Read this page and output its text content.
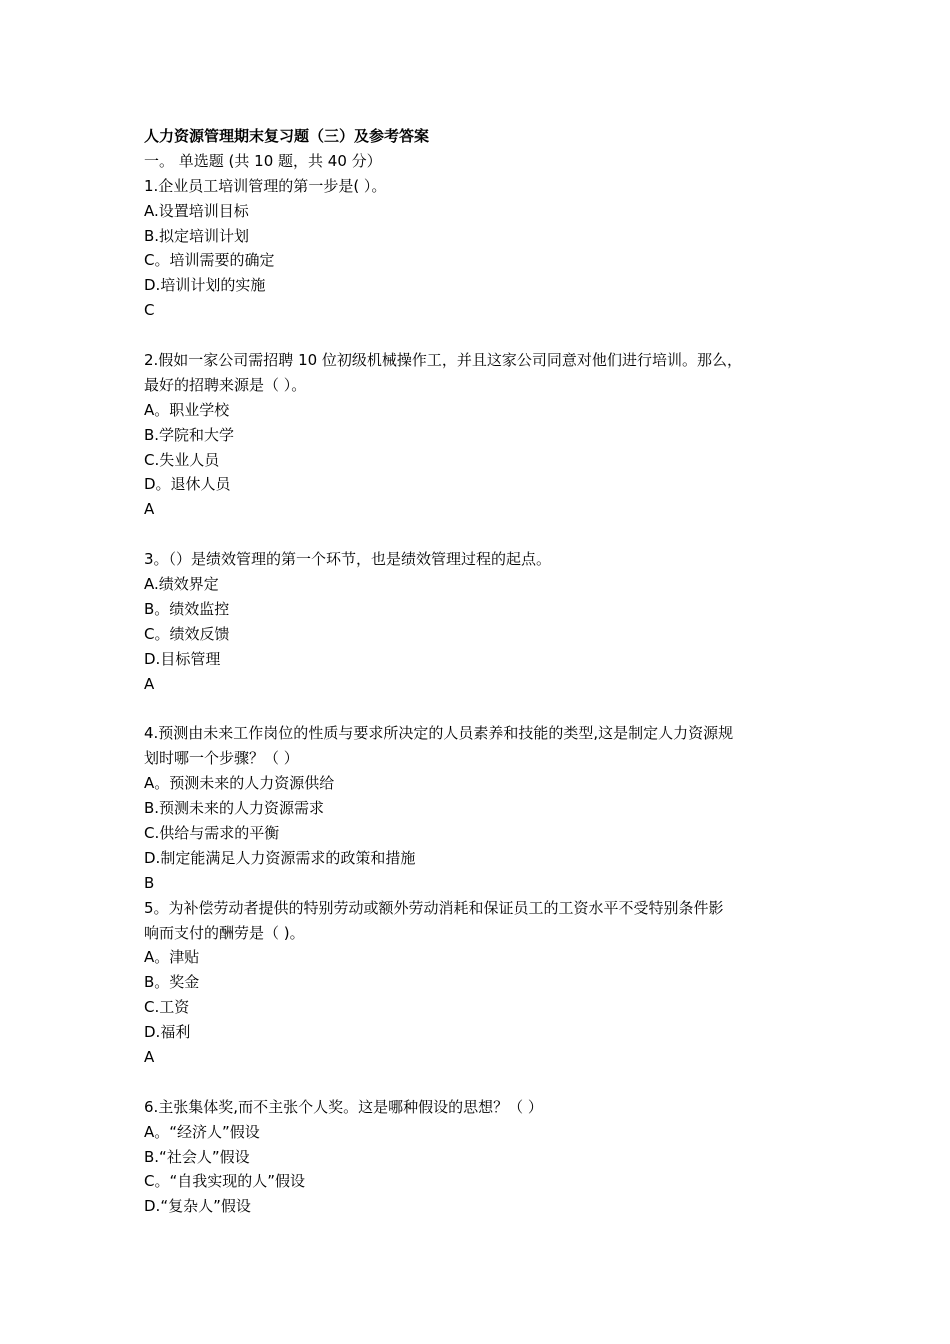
人力资源管理期末复习题（三）及参考答案
一。 单选题 (共 10 题，共 40 分）
1.企业员工培训管理的第一步是( ）。
A.设置培训目标
B.拟定培训计划
C。培训需要的确定
D.培训计划的实施
C
2.假如一家公司需招聘 10 位初级机械操作工，并且这家公司同意对他们进行培训。那么，
最好的招聘来源是（ ）。
A。职业学校
B.学院和大学
C.失业人员
D。退休人员
A
3。（）是绩效管理的第一个环节，也是绩效管理过程的起点。
A.绩效界定
B。绩效监控
C。绩效反馈
D.目标管理
A
4.预测由未来工作岗位的性质与要求所决定的人员素养和技能的类型,这是制定人力资源规
划时哪一个步骤？（ ）
A。预测未来的人力资源供给
B.预测未来的人力资源需求
C.供给与需求的平衡
D.制定能满足人力资源需求的政策和措施
B
5。为补偿劳动者提供的特别劳动或额外劳动消耗和保证员工的工资水平不受特别条件影
响而支付的酬劳是（ )。
A。津贴
B。奖金
C.工资
D.福利
A
6.主张集体奖,而不主张个人奖。这是哪种假设的思想？（ ）
A。“经济人”假设
B.“社会人”假设
C。“自我实现的人”假设
D.“复杂人”假设
